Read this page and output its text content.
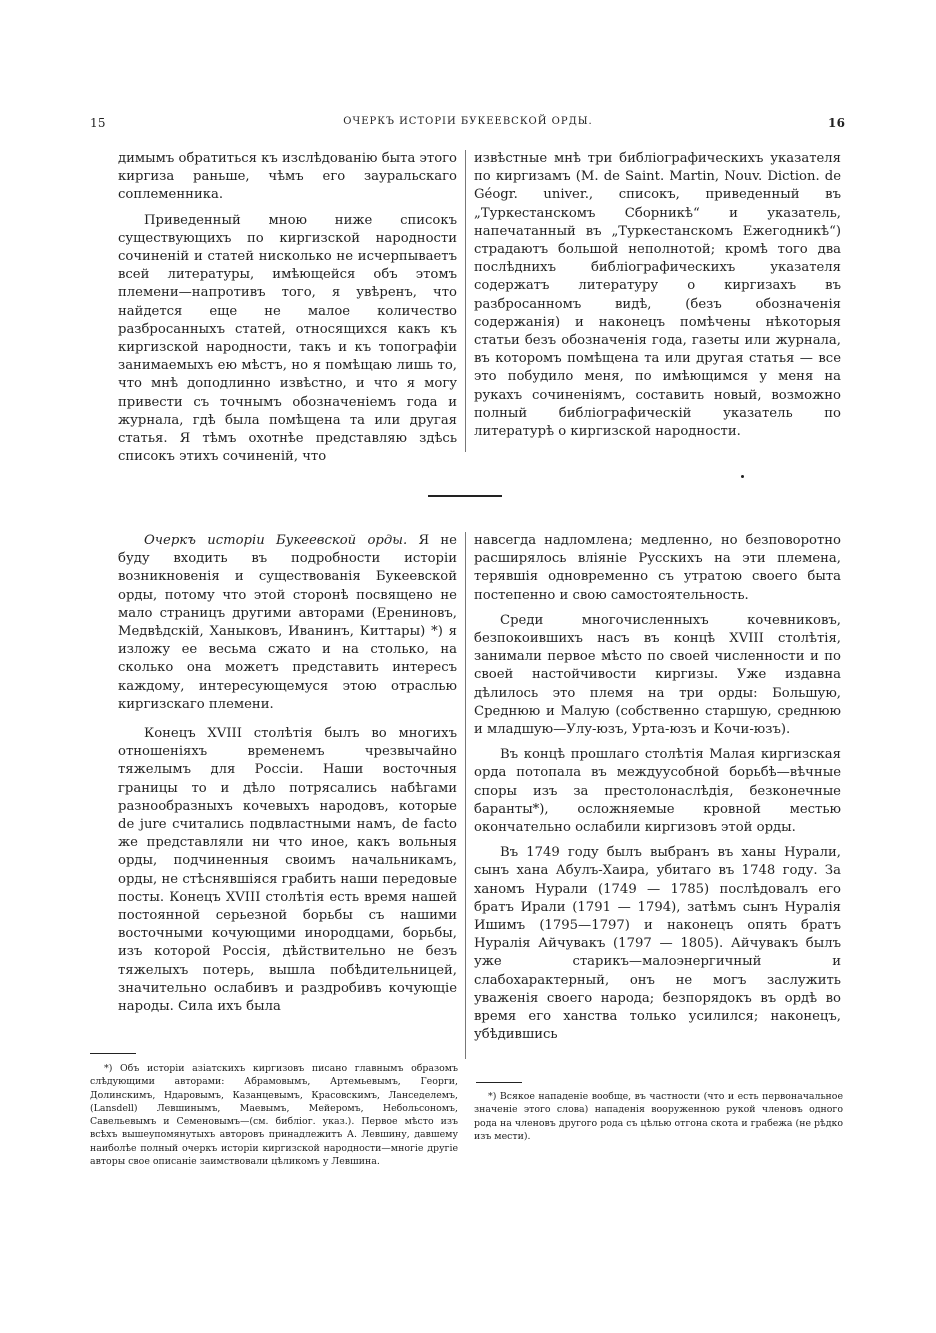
15	ОЧЕРКЪ ИСТОРІИ БУКЕЕВСКОЙ ОРДЫ.	16

димымъ обратиться къ изслѣдованію быта этого киргиза раньше, чѣмъ его зауральскаго соплеменника.

Приведенный мною ниже списокъ существующихъ по киргизской народности сочиненій и статей нисколько не исчерпываетъ всей литературы, имѣющейся объ этомъ племени—напротивъ того, я увѣренъ, что найдется еще не малое количество разбросанныхъ статей, относящихся какъ къ киргизской народности, такъ и къ топографіи занимаемыхъ ею мѣстъ, но я помѣщаю лишь то, что мнѣ доподлинно извѣстно, и что я могу привести съ точнымъ обозначеніемъ года и журнала, гдѣ была помѣщена та или другая статья. Я тѣмъ охотнѣе представляю здѣсь списокъ этихъ сочиненій, что

извѣстные мнѣ три библіографическихъ указателя по киргизамъ (M. de Saint. Martin, Nouv. Diction. de Géogr. univer., списокъ, приведенный въ „Туркестанскомъ Сборникѣ“ и указатель, напечатанный въ „Туркестанскомъ Ежегодникѣ“) страдаютъ большой неполнотой; кромѣ того два послѣднихъ библіографическихъ указателя содержатъ литературу о киргизахъ въ разбросанномъ видѣ, (безъ обозначенія содержанія) и наконецъ помѣчены нѣкоторыя статьи безъ обозначенія года, газеты или журнала, въ которомъ помѣщена та или другая статья — все это побудило меня, по имѣющимся у меня на рукахъ сочиненіямъ, составить новый, возможно полный библіографическій указатель по литературѣ о киргизской народности.

Очеркъ исторіи Букеевской орды. Я не буду входить въ подробности исторіи возникновенія и существованія Букеевской орды, потому что этой сторонѣ посвящено не мало страницъ другими авторами (Ерениновъ, Медвѣдскій, Ханыковъ, Иванинъ, Киттары) *) я изложу ее весьма сжато и на столько, на сколько она можетъ представить интересъ каждому, интересующемуся этою отраслью киргизскаго племени.

Конецъ XVIII столѣтія былъ во многихъ отношеніяхъ временемъ чрезвычайно тяжелымъ для Россіи. Наши восточныя границы то и дѣло потрясались набѣгами разнообразныхъ кочевыхъ народовъ, которые de jure считались подвластными намъ, de facto же представляли ни что иное, какъ вольныя орды, подчиненныя своимъ начальникамъ, орды, не стѣснявшіяся грабить наши передовые посты. Конецъ XVIII столѣтія есть время нашей постоянной серьезной борьбы съ нашими восточными кочующими инородцами, борьбы, изъ которой Россія, дѣйствительно не безъ тяжелыхъ потерь, вышла побѣдительницей, значительно ослабивъ и раздробивъ кочующіе народы. Сила ихъ была

навсегда надломлена; медленно, но безповоротно расширялось вліяніе Русскихъ на эти племена, терявшія одновременно съ утратою своего быта постепенно и свою самостоятельность.

Среди многочисленныхъ кочевниковъ, безпокоившихъ насъ въ концѣ XVIII столѣтія, занимали первое мѣсто по своей численности и по своей настойчивости киргизы. Уже издавна дѣлилось это племя на три орды: Большую, Среднюю и Малую (собственно старшую, среднюю и младшую—Улу-юзъ, Урта-юзъ и Кочи-юзъ).

Въ концѣ прошлаго столѣтія Малая киргизская орда потопала въ междуусобной борьбѣ—вѣчные споры изъ за престолонаслѣдія, безконечные баранты*), осложняемые кровной местью окончательно ослабили киргизовъ этой орды.

Въ 1749 году былъ выбранъ въ ханы Нурали, сынъ хана Абулъ-Хаира, убитаго въ 1748 году. За ханомъ Нурали (1749 — 1785) послѣдовалъ его братъ Ирали (1791 — 1794), затѣмъ сынъ Нуралія Ишимъ (1795—1797) и наконецъ опять братъ Нуралія Айчувакъ (1797 — 1805). Айчувакъ былъ уже старикъ—малоэнергичный и слабохарактерный, онъ не могъ заслужить уваженія своего народа; безпорядокъ въ ордѣ во время его ханства только усилился; наконецъ, убѣдившись

*) Объ исторіи азіатскихъ киргизовъ писано главнымъ образомъ слѣдующими авторами: Абрамовымъ, Артемьевымъ, Георги, Долинскимъ, Ндаровымъ, Казанцевымъ, Красовскимъ, Ланседелемъ, (Lansdell) Левшинымъ, Маевымъ, Мейеромъ, Небольсономъ, Савельевымъ и Семеновымъ—(см. библіог. указ.). Первое мѣсто изъ всѣхъ вышеупомянутыхъ авторовъ принадлежитъ А. Левшину, давшему наиболѣе полный очеркъ исторіи киргизской народности—многіе другіе авторы свое описаніе заимствовали цѣликомъ у Левшина.

*) Всякое нападеніе вообще, въ частности (что и есть первоначальное значеніе этого слова) нападенія вооруженною рукой членовъ одного рода на членовъ другого рода съ цѣлью отгона скота и грабежа (не рѣдко изъ мести).
